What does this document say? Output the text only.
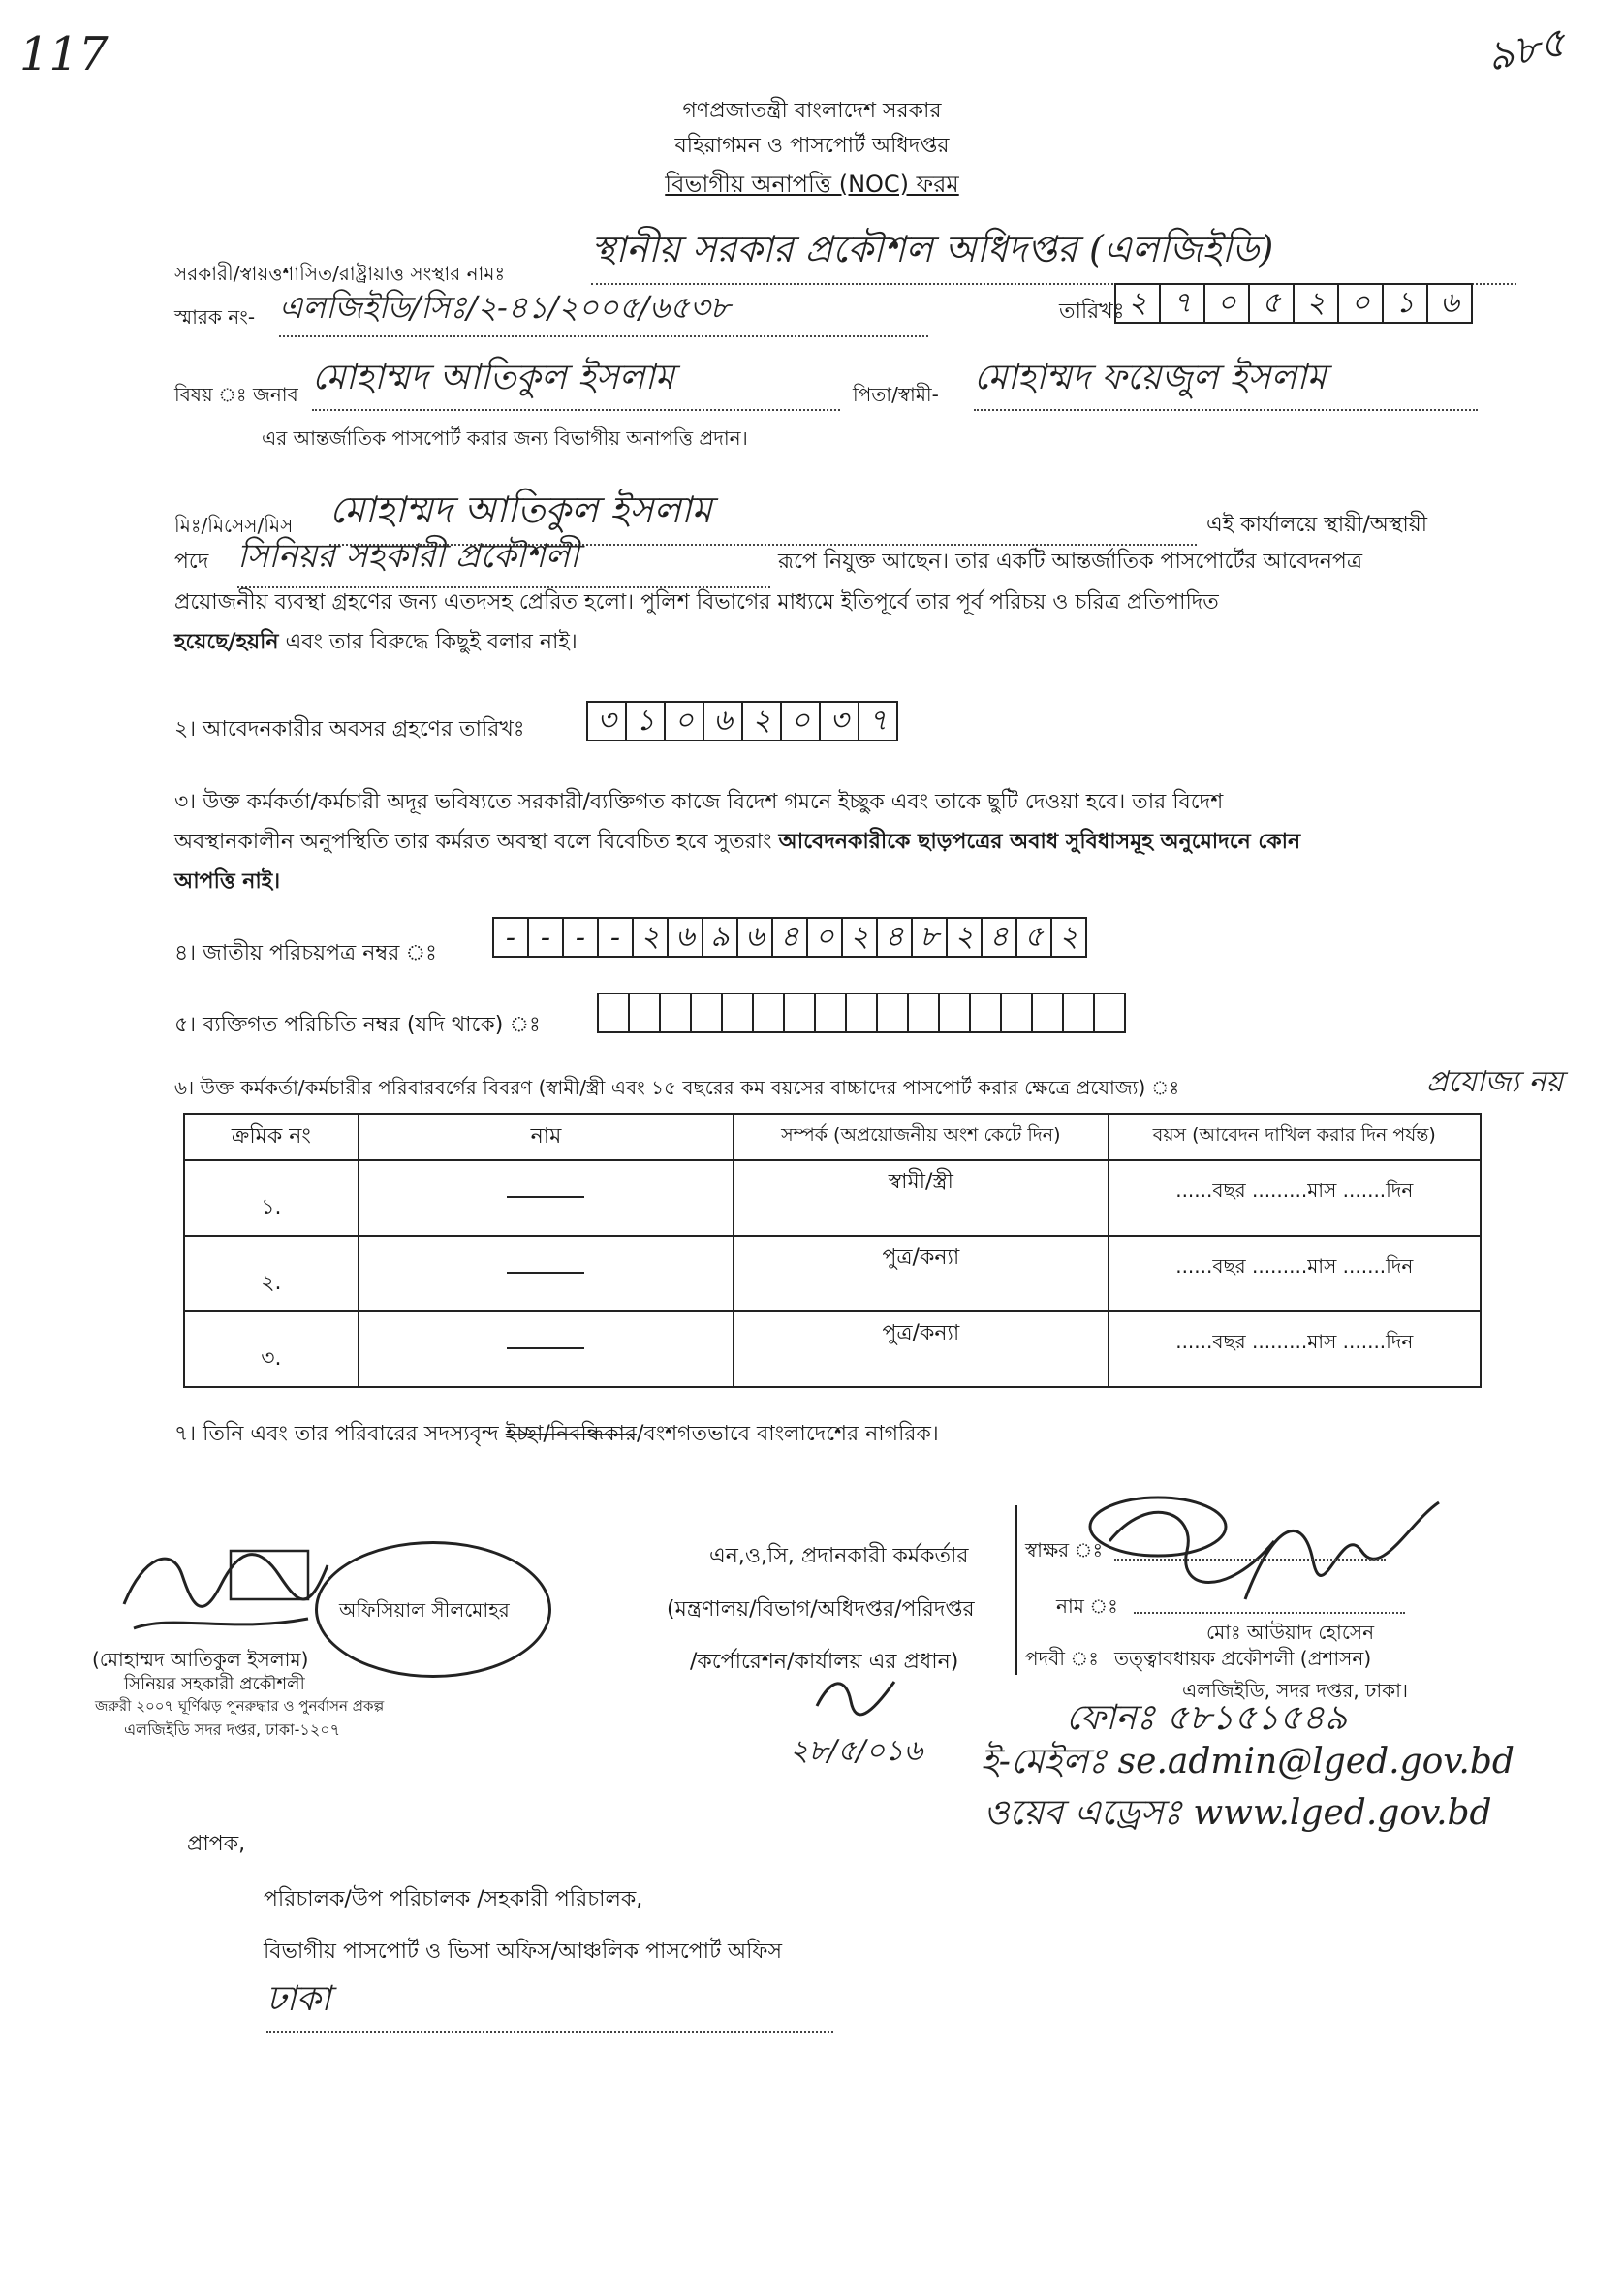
117	৯৮৫
গণপ্রজাতন্ত্রী বাংলাদেশ সরকার
বহিরাগমন ও পাসপোর্ট অধিদপ্তর
বিভাগীয় অনাপত্তি (NOC) ফরম
সরকারী/স্বায়ত্তশাসিত/রাষ্ট্রায়াত্ত সংস্থার নামঃ
স্থানীয় সরকার প্রকৌশল অধিদপ্তর (এলজিইডি)
স্মারক নং- এলজিইডি/সিঃ/২-৪১/২০০৫/৬৫৩৮	তারিখঃ ২ ৭ ০ ৫ ২ ০ ১ ৬
বিষয় ঃ জনাব মোহাম্মদ আতিকুল ইসলাম	পিতা/স্বামী- মোহাম্মদ ফয়েজুল ইসলাম
এর আন্তর্জাতিক পাসপোর্ট করার জন্য বিভাগীয় অনাপত্তি প্রদান।
মিঃ/মিসেস/মিস মোহাম্মদ আতিকুল ইসলাম	এই কার্যালয়ে স্থায়ী/অস্থায়ী
পদে সিনিয়র সহকারী প্রকৌশলী	রূপে নিযুক্ত আছেন। তার একটি আন্তর্জাতিক পাসপোর্টের আবেদনপত্র
প্রয়োজনীয় ব্যবস্থা গ্রহণের জন্য এতদসহ প্রেরিত হলো। পুলিশ বিভাগের মাধ্যমে ইতিপূর্বে তার পূর্ব পরিচয় ও চরিত্র প্রতিপাদিত
হয়েছে/হয়নি এবং তার বিরুদ্ধে কিছুই বলার নাই।
২। আবেদনকারীর অবসর গ্রহণের তারিখঃ	৩ ১ ০ ৬ ২ ০ ৩ ৭
৩। উক্ত কর্মকর্তা/কর্মচারী অদূর ভবিষ্যতে সরকারী/ব্যক্তিগত কাজে বিদেশ গমনে ইচ্ছুক এবং তাকে ছুটি দেওয়া হবে। তার বিদেশ
অবস্থানকালীন অনুপস্থিতি তার কর্মরত অবস্থা বলে বিবেচিত হবে সুতরাং আবেদনকারীকে ছাড়পত্রের অবাধ সুবিধাসমূহ অনুমোদনে কোন
আপত্তি নাই।
৪। জাতীয় পরিচয়পত্র নম্বর ঃ	- - - - ২ ৬ ৯ ৬ ৪ ০ ২ ৪ ৮ ২ ৪ ৫ ২
৫। ব্যক্তিগত পরিচিতি নম্বর (যদি থাকে) ঃ
৬। উক্ত কর্মকর্তা/কর্মচারীর পরিবারবর্গের বিবরণ (স্বামী/স্ত্রী এবং ১৫ বছরের কম বয়সের বাচ্চাদের পাসপোর্ট করার ক্ষেত্রে প্রযোজ্য) ঃ	প্রযোজ্য নয়
ক্রমিক নং	নাম	সম্পর্ক (অপ্রয়োজনীয় অংশ কেটে দিন)	বয়স (আবেদন দাখিল করার দিন পর্যন্ত)

১.		স্বামী/স্ত্রী	......বছর .........মাস .......দিন

২.		পুত্র/কন্যা	......বছর .........মাস .......দিন

৩.		পুত্র/কন্যা	......বছর .........মাস .......দিন
৭। তিনি এবং তার পরিবারের সদস্যবৃন্দ ইচ্ছা/নিবন্ধিকার/বংশগতভাবে বাংলাদেশের নাগরিক।
অফিসিয়াল সীলমোহর
(মোহাম্মদ আতিকুল ইসলাম)
সিনিয়র সহকারী প্রকৌশলী
জরুরী ২০০৭ ঘূর্ণিঝড় পুনরুদ্ধার ও পুনর্বাসন প্রকল্প
এলজিইডি সদর দপ্তর, ঢাকা-১২০৭
এন,ও,সি, প্রদানকারী কর্মকর্তার
(মন্ত্রণালয়/বিভাগ/অধিদপ্তর/পরিদপ্তর
/কর্পোরেশন/কার্যালয় এর প্রধান)
স্বাক্ষর ঃ
নাম ঃ
মোঃ আউয়াদ হোসেন
পদবী ঃ তত্ত্বাবধায়ক প্রকৌশলী (প্রশাসন)
এলজিইডি, সদর দপ্তর, ঢাকা।
২৮/৫/০১৬
ফোনঃ ৫৮১৫১৫৪৯
ই-মেইলঃ se.admin@lged.gov.bd
ওয়েব এড্রেসঃ www.lged.gov.bd
প্রাপক,
পরিচালক/উপ পরিচালক /সহকারী পরিচালক,
বিভাগীয় পাসপোর্ট ও ভিসা অফিস/আঞ্চলিক পাসপোর্ট অফিস
ঢাকা
